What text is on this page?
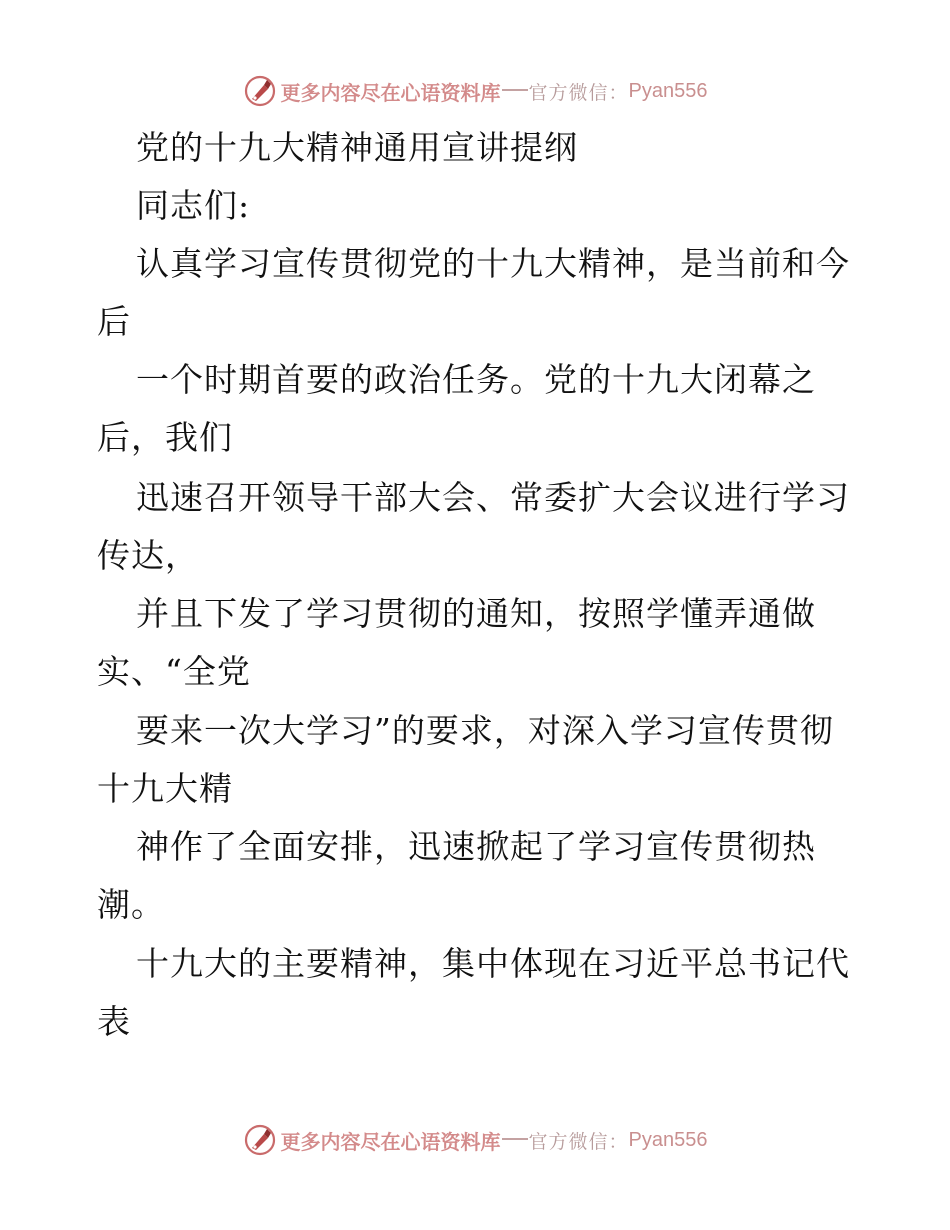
更多内容尽在心语资料库 官方微信： Pyan556
党的十九大精神通用宣讲提纲
同志们:
认真学习宣传贯彻党的十九大精神，是当前和今
后
一个时期首要的政治任务。党的十九大闭幕之
后，我们
迅速召开领导干部大会、常委扩大会议进行学习
传达，
并且下发了学习贯彻的通知，按照学懂弄通做
实、“全党
要来一次大学习”的要求，对深入学习宣传贯彻
十九大精
神作了全面安排，迅速掀起了学习宣传贯彻热
潮。
十九大的主要精神，集中体现在习近平总书记代
表
更多内容尽在心语资料库 官方微信： Pyan556
